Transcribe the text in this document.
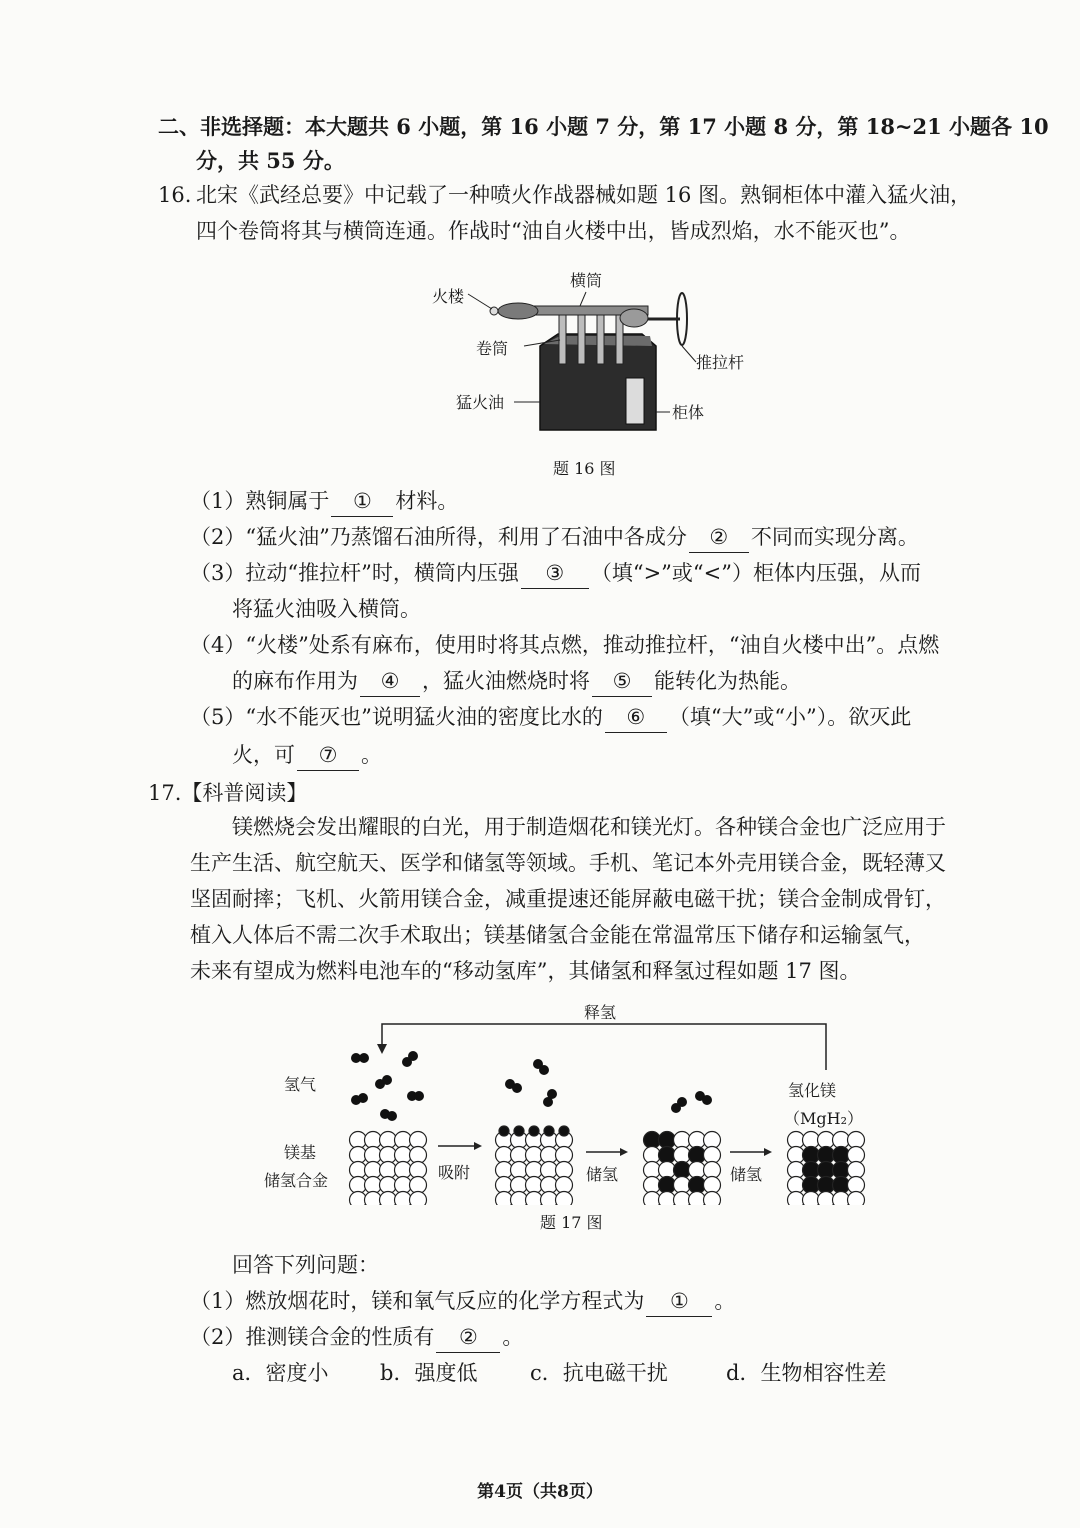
二、非选择题：本大题共 6 小题，第 16 小题 7 分，第 17 小题 8 分，第 18~21 小题各 10
分，共 55 分。
16. 北宋《武经总要》中记载了一种喷火作战器械如题 16 图。熟铜柜体中灌入猛火油，
四个卷筒将其与横筒连通。作战时“油自火楼中出，皆成烈焰，水不能灭也”。
火楼
横筒
卷筒
推拉杆
猛火油
柜体
题 16 图
（1）熟铜属于 ① 材料。
（2）“猛火油”乃蒸馏石油所得，利用了石油中各成分 ② 不同而实现分离。
（3）拉动“推拉杆”时，横筒内压强 ③ （填“>”或“<”）柜体内压强，从而
将猛火油吸入横筒。
（4）“火楼”处系有麻布，使用时将其点燃，推动推拉杆，“油自火楼中出”。点燃
的麻布作用为 ④ ，猛火油燃烧时将 ⑤ 能转化为热能。
（5）“水不能灭也”说明猛火油的密度比水的 ⑥ （填“大”或“小”）。欲灭此
火，可 ⑦ 。
17.【科普阅读】
镁燃烧会发出耀眼的白光，用于制造烟花和镁光灯。各种镁合金也广泛应用于
生产生活、航空航天、医学和储氢等领域。手机、笔记本外壳用镁合金，既轻薄又
坚固耐摔；飞机、火箭用镁合金，减重提速还能屏蔽电磁干扰；镁合金制成骨钉，
植入人体后不需二次手术取出；镁基储氢合金能在常温常压下储存和运输氢气，
未来有望成为燃料电池车的“移动氢库”，其储氢和释氢过程如题 17 图。
释氢
氢气
镁基
储氢合金
氢化镁
（MgH₂）
吸附	储氢	储氢
题 17 图
回答下列问题：
（1）燃放烟花时，镁和氧气反应的化学方程式为 ① 。
（2）推测镁合金的性质有 ② 。
a．密度小 b．强度低	c．抗电磁干扰	d．生物相容性差
第4页（共8页）
